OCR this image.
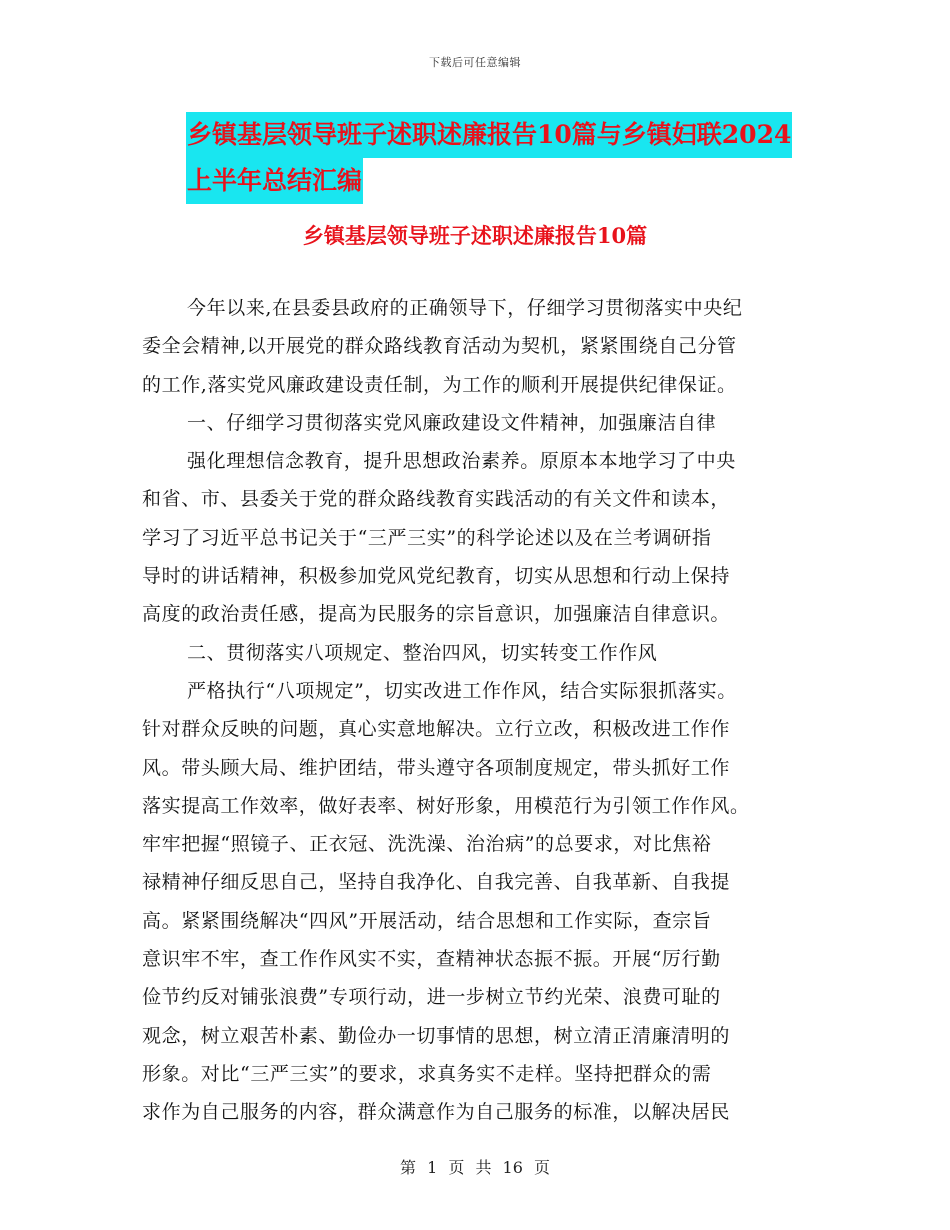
下载后可任意编辑
乡镇基层领导班子述职述廉报告10篇与乡镇妇联2024
上半年总结汇编
乡镇基层领导班子述职述廉报告10篇
今年以来,在县委县政府的正确领导下，仔细学习贯彻落实中央纪
委全会精神,以开展党的群众路线教育活动为契机，紧紧围绕自己分管
的工作,落实党风廉政建设责任制，为工作的顺利开展提供纪律保证。
一、仔细学习贯彻落实党风廉政建设文件精神，加强廉洁自律
强化理想信念教育，提升思想政治素养。原原本本地学习了中央
和省、市、县委关于党的群众路线教育实践活动的有关文件和读本，
学习了习近平总书记关于“三严三实”的科学论述以及在兰考调研指
导时的讲话精神，积极参加党风党纪教育，切实从思想和行动上保持
高度的政治责任感，提高为民服务的宗旨意识，加强廉洁自律意识。
二、贯彻落实八项规定、整治四风，切实转变工作作风
严格执行“八项规定”，切实改进工作作风，结合实际狠抓落实。
针对群众反映的问题，真心实意地解决。立行立改，积极改进工作作
风。带头顾大局、维护团结，带头遵守各项制度规定，带头抓好工作
落实提高工作效率，做好表率、树好形象，用模范行为引领工作作风。
牢牢把握“照镜子、正衣冠、洗洗澡、治治病”的总要求，对比焦裕
禄精神仔细反思自己，坚持自我净化、自我完善、自我革新、自我提
高。紧紧围绕解决“四风”开展活动，结合思想和工作实际，查宗旨
意识牢不牢，查工作作风实不实，查精神状态振不振。开展“厉行勤
俭节约反对铺张浪费”专项行动，进一步树立节约光荣、浪费可耻的
观念，树立艰苦朴素、勤俭办一切事情的思想，树立清正清廉清明的
形象。对比“三严三实”的要求，求真务实不走样。坚持把群众的需
求作为自己服务的内容，群众满意作为自己服务的标准，以解决居民
第 1 页 共 16 页
